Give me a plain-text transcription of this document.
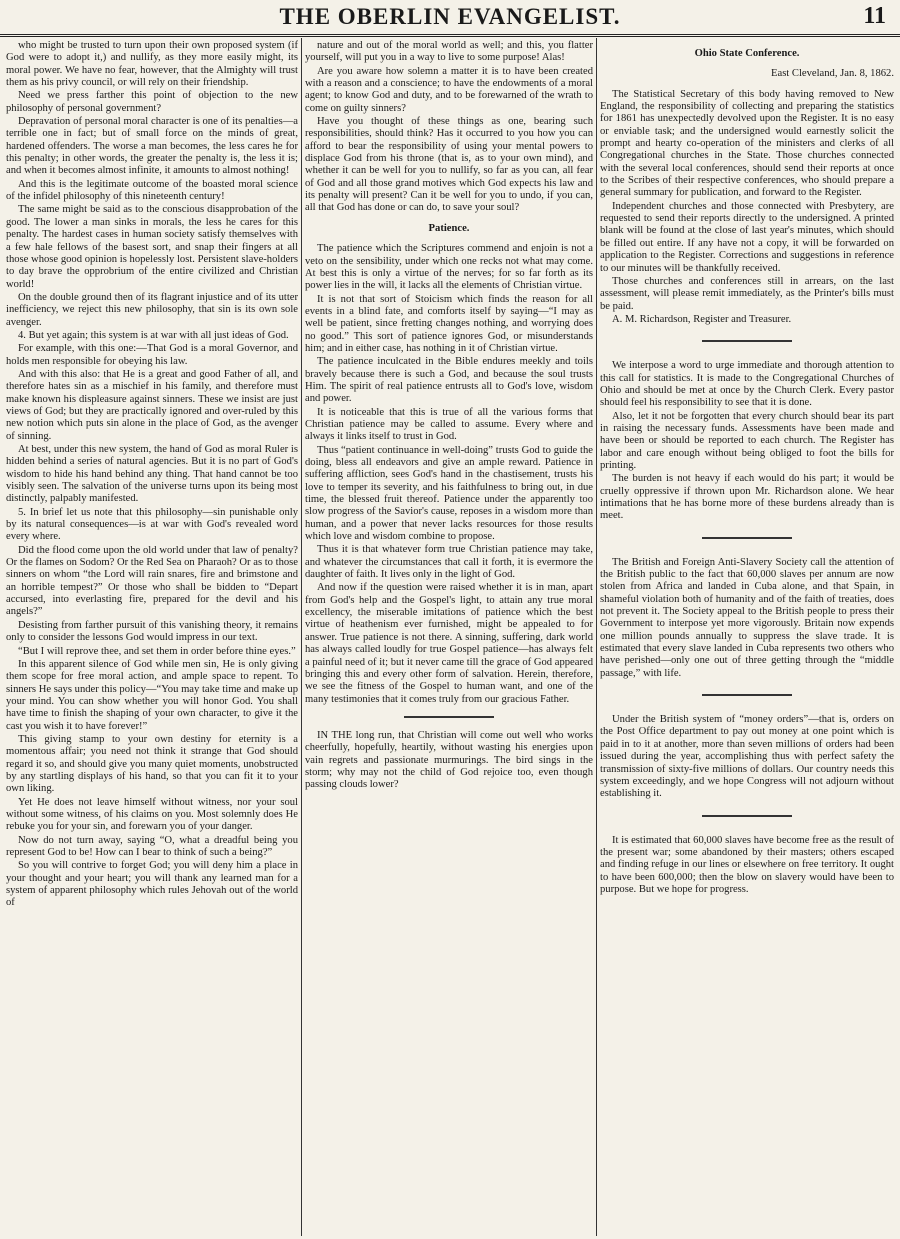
THE OBERLIN EVANGELIST.	11

who might be trusted to turn upon their own proposed system (if God were to adopt it,) and nullify, as they more easily might, its moral power. We have no fear, however, that the Almighty will trust them as his privy council, or will rely on their friendship.

Need we press farther this point of objection to the new philosophy of personal government?

Depravation of personal moral character is one of its penalties—a terrible one in fact; but of small force on the minds of great, hardened offenders. The worse a man becomes, the less cares he for this penalty; in other words, the greater the penalty is, the less it is; and when it becomes almost infinite, it amounts to almost nothing!

And this is the legitimate outcome of the boasted moral science of the infidel philosophy of this nineteenth century!

The same might be said as to the conscious disapprobation of the good. The lower a man sinks in morals, the less he cares for this penalty. The hardest cases in human society satisfy themselves with a few hale fellows of the basest sort, and snap their fingers at all those whose good opinion is hopelessly lost. Persistent slave-holders to day brave the opprobrium of the entire civilized and Christian world!

On the double ground then of its flagrant injustice and of its utter inefficiency, we reject this new philosophy, that sin is its own sole avenger.

4. But yet again; this system is at war with all just ideas of God.

For example, with this one:—That God is a moral Governor, and holds men responsible for obeying his law.

And with this also: that He is a great and good Father of all, and therefore hates sin as a mischief in his family, and therefore must make known his displeasure against sinners. These we insist are just views of God; but they are practically ignored and over-ruled by this new notion which puts sin alone in the place of God, as the avenger of sinning.

At best, under this new system, the hand of God as moral Ruler is hidden behind a series of natural agencies. But it is no part of God's wisdom to hide his hand behind any thing. That hand cannot be too visibly seen. The salvation of the universe turns upon its being most distinctly, palpably manifested.

5. In brief let us note that this philosophy—sin punishable only by its natural consequences—is at war with God's revealed word every where.

Did the flood come upon the old world under that law of penalty? Or the flames on Sodom? Or the Red Sea on Pharaoh? Or as to those sinners on whom “the Lord will rain snares, fire and brimstone and an horrible tempest?” Or those who shall be bidden to “Depart accursed, into everlasting fire, prepared for the devil and his angels?”

Desisting from farther pursuit of this vanishing theory, it remains only to consider the lessons God would impress in our text.

“But I will reprove thee, and set them in order before thine eyes.”

In this apparent silence of God while men sin, He is only giving them scope for free moral action, and ample space to repent. To sinners He says under this policy—“You may take time and make up your mind. You can show whether you will honor God. You shall have time to finish the shaping of your own character, to give it the cast you wish it to have forever!”

This giving stamp to your own destiny for eternity is a momentous affair; you need not think it strange that God should regard it so, and should give you many quiet moments, unobstructed by any startling displays of his hand, so that you can fit it to your own liking.

Yet He does not leave himself without witness, nor your soul without some witness, of his claims on you. Most solemnly does He rebuke you for your sin, and forewarn you of your danger.

Now do not turn away, saying “O, what a dreadful being you represent God to be! How can I bear to think of such a being?”

So you will contrive to forget God; you will deny him a place in your thought and your heart; you will thank any learned man for a system of apparent philosophy which rules Jehovah out of the world of

nature and out of the moral world as well; and this, you flatter yourself, will put you in a way to live to some purpose! Alas!

Are you aware how solemn a matter it is to have been created with a reason and a conscience; to have the endowments of a moral agent; to know God and duty, and to be forewarned of the wrath to come on guilty sinners?

Have you thought of these things as one, bearing such responsibilities, should think? Has it occurred to you how you can afford to bear the responsibility of using your mental powers to displace God from his throne (that is, as to your own mind), and whether it can be well for you to nullify, so far as you can, all fear of God and all those grand motives which God expects his law and its penalty will present? Can it be well for you to undo, if you can, all that God has done or can do, to save your soul?

Patience.

The patience which the Scriptures commend and enjoin is not a veto on the sensibility, under which one recks not what may come. At best this is only a virtue of the nerves; for so far forth as its power lies in the will, it lacks all the elements of Christian virtue.

It is not that sort of Stoicism which finds the reason for all events in a blind fate, and comforts itself by saying—“I may as well be patient, since fretting changes nothing, and worrying does no good.” This sort of patience ignores God, or misunderstands him; and in either case, has nothing in it of Christian virtue.

The patience inculcated in the Bible endures meekly and toils bravely because there is such a God, and because the soul trusts Him. The spirit of real patience entrusts all to God's love, wisdom and power.

It is noticeable that this is true of all the various forms that Christian patience may be called to assume. Every where and always it links itself to trust in God.

Thus “patient continuance in well-doing” trusts God to guide the doing, bless all endeavors and give an ample reward. Patience in suffering affliction, sees God's hand in the chastisement, trusts his love to temper its severity, and his faithfulness to bring out, in due time, the blessed fruit thereof. Patience under the apparently too slow progress of the Savior's cause, reposes in a wisdom more than human, and a power that never lacks resources for those results which love and wisdom combine to propose.

Thus it is that whatever form true Christian patience may take, and whatever the circumstances that call it forth, it is evermore the daughter of faith. It lives only in the light of God.

And now if the question were raised whether it is in man, apart from God's help and the Gospel's light, to attain any true moral excellency, the miserable imitations of patience which the best virtue of heathenism ever furnished, might be appealed to for answer. True patience is not there. A sinning, suffering, dark world has always called loudly for true Gospel patience—has always felt a painful need of it; but it never came till the grace of God appeared bringing this and every other form of salvation. Herein, therefore, we see the fitness of the Gospel to human want, and one of the many testimonies that it comes truly from our gracious Father.

IN THE long run, that Christian will come out well who works cheerfully, hopefully, heartily, without wasting his energies upon vain regrets and passionate murmurings. The bird sings in the storm; why may not the child of God rejoice too, even though passing clouds lower?

Ohio State Conference.
East Cleveland, Jan. 8, 1862.

The Statistical Secretary of this body having removed to New England, the responsibility of collecting and preparing the statistics for 1861 has unexpectedly devolved upon the Register. It is no easy or enviable task; and the undersigned would earnestly solicit the prompt and hearty co-operation of the ministers and clerks of all Congregational churches in the State. Those churches connected with the several local conferences, should send their reports at once to the Scribes of their respective conferences, who should prepare a general summary for publication, and forward to the Register.

Independent churches and those connected with Presbytery, are requested to send their reports directly to the undersigned. A printed blank will be found at the close of last year's minutes, which should be filled out entire. If any have not a copy, it will be forwarded on application to the Register. Corrections and suggestions in reference to our minutes will be thankfully received.

Those churches and conferences still in arrears, on the last assessment, will please remit immediately, as the Printer's bills must be paid.

A. M. Richardson, Register and Treasurer.

We interpose a word to urge immediate and thorough attention to this call for statistics. It is made to the Congregational Churches of Ohio and should be met at once by the Church Clerk. Every pastor should feel his responsibility to see that it is done.

Also, let it not be forgotten that every church should bear its part in raising the necessary funds. Assessments have been made and have been or should be reported to each church. The Register has labor and care enough without being obliged to foot the bills for printing.

The burden is not heavy if each would do his part; it would be cruelly oppressive if thrown upon Mr. Richardson alone. We hear intimations that he has borne more of these burdens already than is meet.

The British and Foreign Anti-Slavery Society call the attention of the British public to the fact that 60,000 slaves per annum are now stolen from Africa and landed in Cuba alone, and that Spain, in shameful violation both of humanity and of the faith of treaties, does not prevent it. The Society appeal to the British people to press their Government to interpose yet more vigorously. Britain now expends one million pounds annually to suppress the slave trade. It is estimated that every slave landed in Cuba represents two others who have perished—only one out of three getting through the “middle passage,” with life.

Under the British system of “money orders”—that is, orders on the Post Office department to pay out money at one point which is paid in to it at another, more than seven millions of orders had been issued during the year, accomplishing thus with perfect safety the transmission of sixty-five millions of dollars. Our country needs this system exceedingly, and we hope Congress will not adjourn without establishing it.

It is estimated that 60,000 slaves have become free as the result of the present war; some abandoned by their masters; others escaped and finding refuge in our lines or elsewhere on free territory. It ought to have been 600,000; then the blow on slavery would have been to purpose. But we hope for progress.
